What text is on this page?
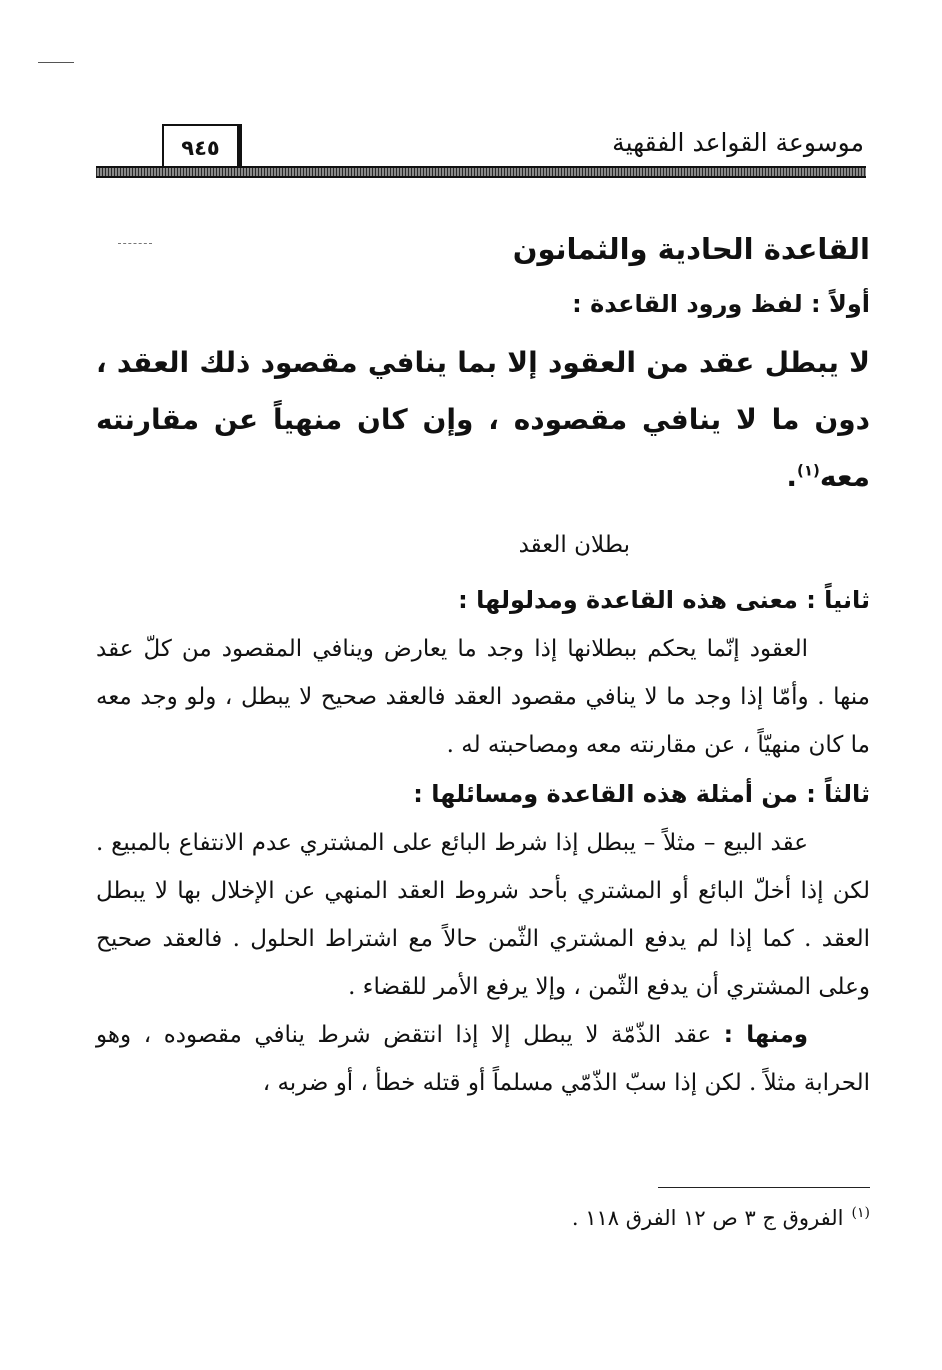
موسوعة القواعد الفقهية
٩٤٥
القاعدة الحادية والثمانون
أولاً : لفظ ورود القاعدة :
لا يبطل عقد من العقود إلا بما ينافي مقصود ذلك العقد ، دون ما لا ينافي مقصوده ، وإن كان منهياً عن مقارنته معه$^{(١)}$.
بطلان العقد
ثانياً : معنى هذه القاعدة ومدلولها :

العقود إنّما يحكم ببطلانها إذا وجد ما يعارض وينافي المقصود من كلّ عقد منها . وأمّا إذا وجد ما لا ينافي مقصود العقد فالعقد صحيح لا يبطل ، ولو وجد معه ما كان منهيّاً ، عن مقارنته معه ومصاحبته له .

ثالثاً : من أمثلة هذه القاعدة ومسائلها :

عقد البيع – مثلاً – يبطل إذا شرط البائع على المشتري عدم الانتفاع بالمبيع . لكن إذا أخلّ البائع أو المشتري بأحد شروط العقد المنهي عن الإخلال بها لا يبطل العقد . كما إذا لم يدفع المشتري الثّمن حالاً مع اشتراط الحلول . فالعقد صحيح وعلى المشتري أن يدفع الثّمن ، وإلا يرفع الأمر للقضاء .

ومنها : عقد الذّمّة لا يبطل إلا إذا انتقض شرط ينافي مقصوده ، وهو الحرابة مثلاً . لكن إذا سبّ الذّمّي مسلماً أو قتله خطأ ، أو ضربه ،

$^{(١)}$الفروق ج ٣ ص ١٢ الفرق ١١٨ .
